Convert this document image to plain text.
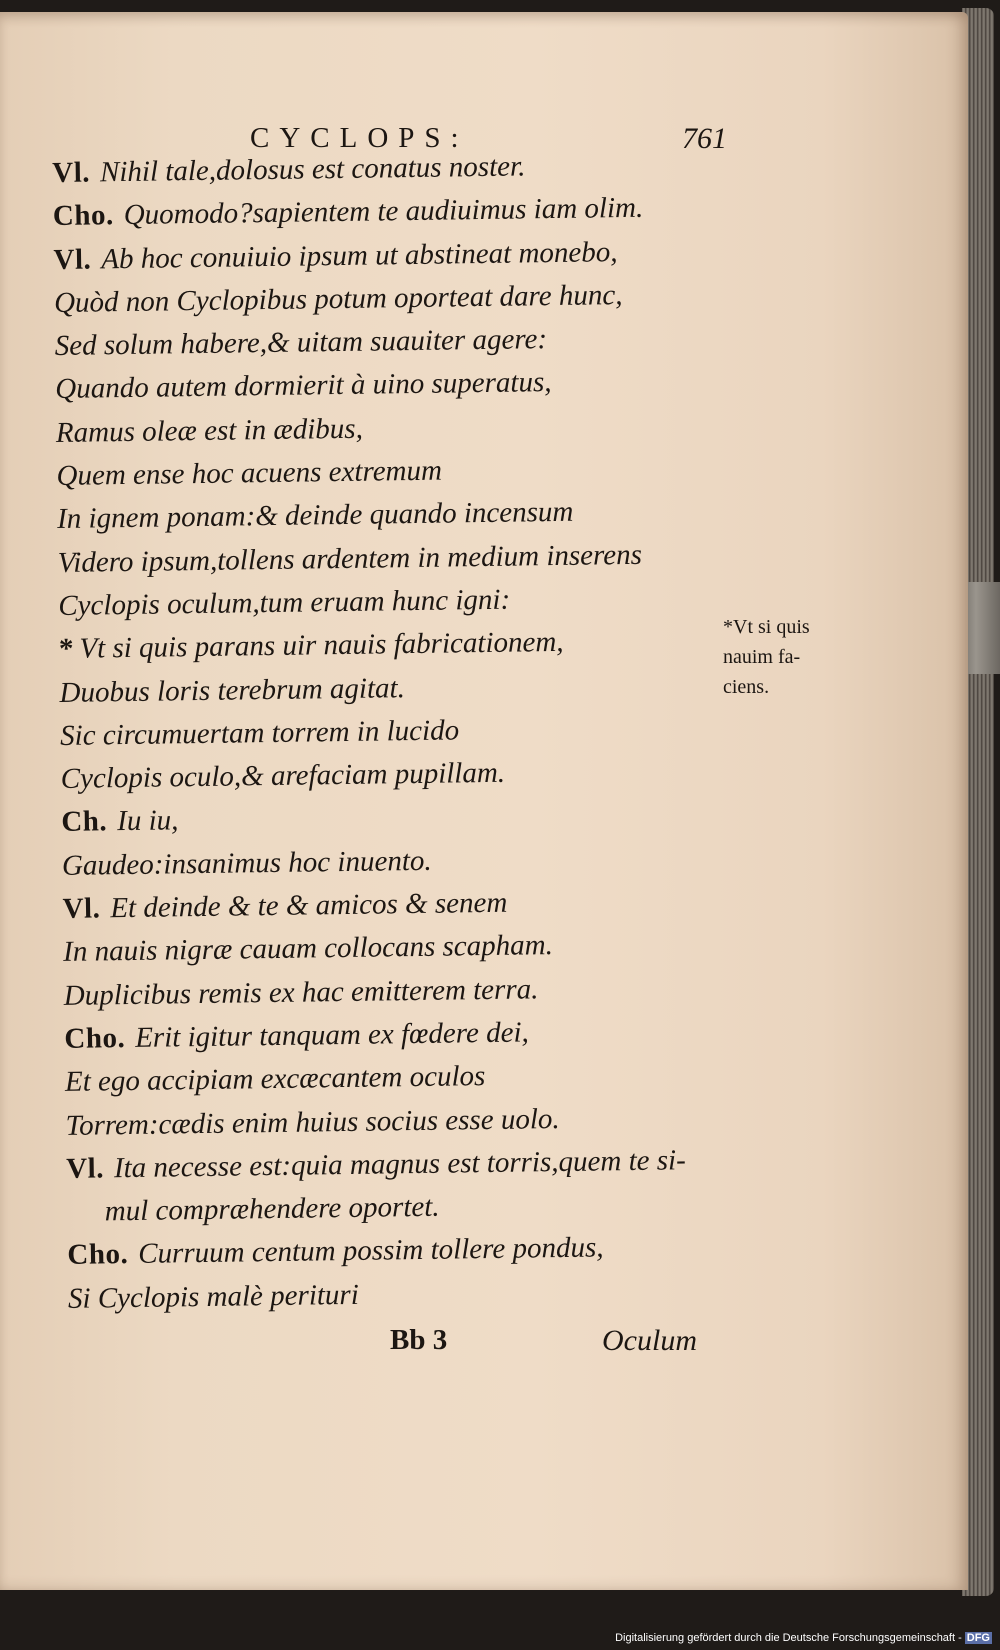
CYCLOPS:	761
Vl. Nihil tale,dolosus est conatus noster.
Cho. Quomodo?sapientem te audiuimus iam olim.
Vl. Ab hoc conuiuio ipsum ut abstineat monebo,
Quòd non Cyclopibus potum oporteat dare hunc,
Sed solum habere,& uitam suauiter agere:
Quando autem dormierit à uino superatus,
Ramus oleæ est in ædibus,
Quem ense hoc acuens extremum
In ignem ponam:& deinde quando incensum
Videro ipsum,tollens ardentem in medium inserens
Cyclopis oculum,tum eruam hunc igni:
* Vt si quis parans uir nauis fabricationem,
Duobus loris terebrum agitat.
Sic circumuertam torrem in lucido
Cyclopis oculo,& arefaciam pupillam.
Ch. Iu iu,
Gaudeo:insanimus hoc inuento.
Vl. Et deinde & te & amicos & senem
In nauis nigræ cauam collocans scapham.
Duplicibus remis ex hac emitterem terra.
Cho. Erit igitur tanquam ex fœdere dei,
Et ego accipiam excæcantem oculos
Torrem:cædis enim huius socius esse uolo.
Vl. Ita necesse est:quia magnus est torris,quem te si-
mul compræhendere oportet.
Cho. Curruum centum possim tollere pondus,
Si Cyclopis malè perituri
*Vt si quis
nauim fa-
ciens.
Bb 3	Oculum
Digitalisierung gefördert durch die Deutsche Forschungsgemeinschaft - DFG
